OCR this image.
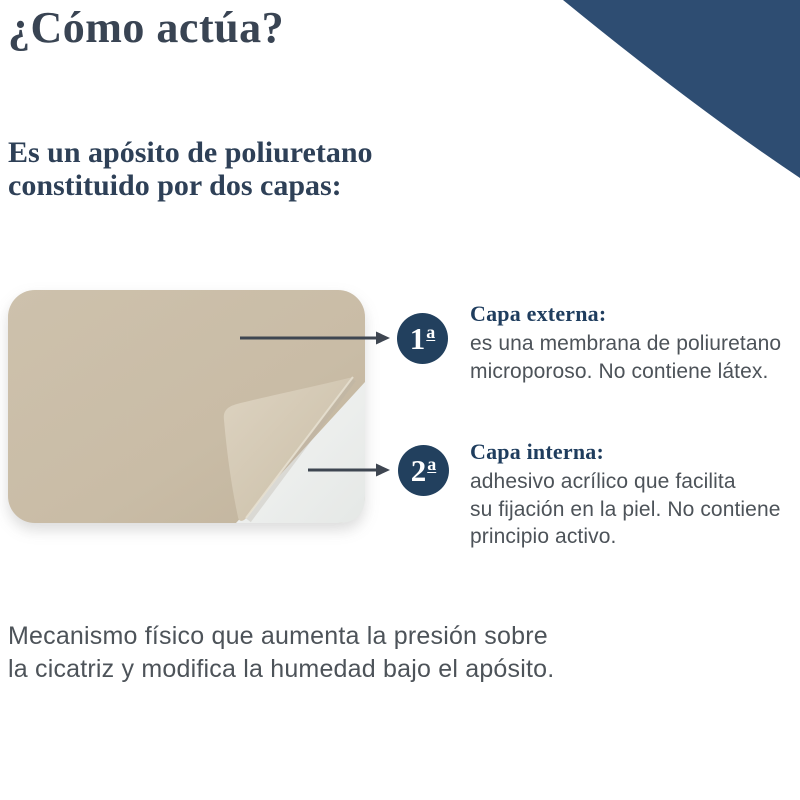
¿Cómo actúa?
Es un apósito de poliuretano
constituido por dos capas:
1 a
2 a
Capa externa:
es una membrana de poliuretano
microporoso. No contiene látex.
Capa interna:
adhesivo acrílico que facilita
su fijación en la piel. No contiene
principio activo.
Mecanismo físico que aumenta la presión sobre
la cicatriz y modifica la humedad bajo el apósito.
